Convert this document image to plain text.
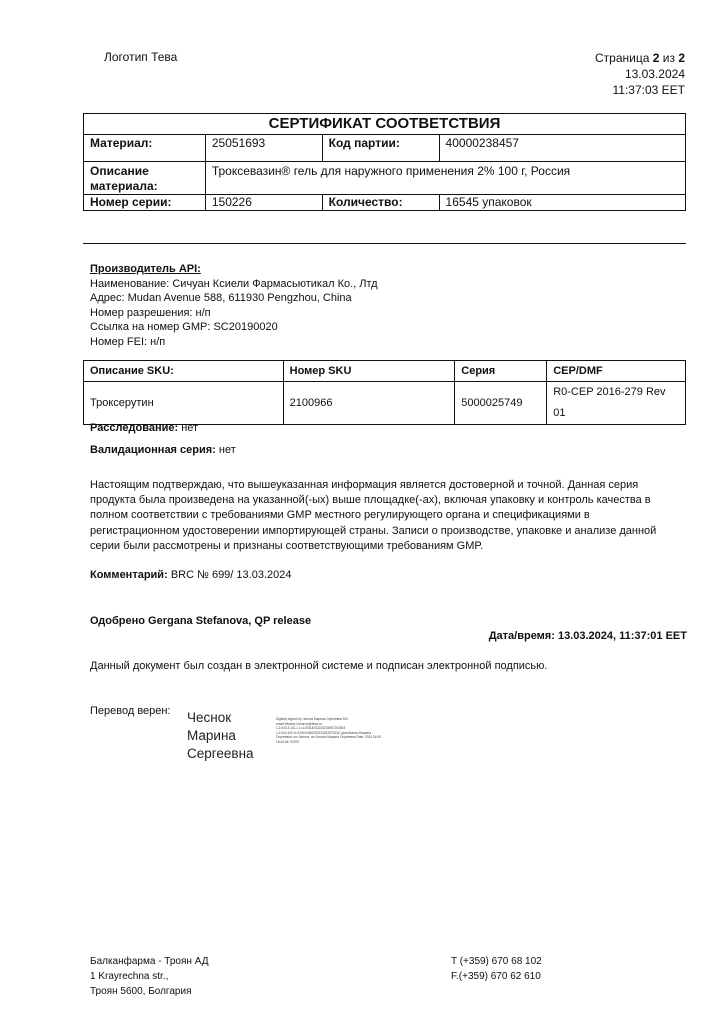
Логотип Тева	Страница 2 из 2
13.03.2024
11:37:03 EET
СЕРТИФИКАТ СООТВЕТСТВИЯ			
Материал:	25051693	Код партии:	40000238457

Описание
материала:	Троксевазин® гель для наружного применения 2% 100 г, Россия		
Номер серии:	150226	Количество:	16545 упаковок
Производитель API:
Наименование: Сичуан Ксиели Фармасьютикал Ко., Лтд
Адрес: Mudan Avenue 588, 611930 Pengzhou, China
Номер разрешения: н/п
Ссылка на номер GMP: SC20190020
Номер FEI: н/п
Описание SKU:	Номер SKU	Серия	CEP/DMF
Троксерутин	2100966	5000025749	R0-CEP 2016-279 Rev 01
Расследование: нет
Валидационная серия: нет
Настоящим подтверждаю, что вышеуказанная информация является достоверной и точной. Данная серия продукта была произведена на указанной(-ых) выше площадке(-ах), включая упаковку и контроль качества в полном соответствии с требованиями GMP местного регулирующего органа и спецификациями в регистрационном удостоверении импортирующей страны. Записи о производстве, упаковке и анализе данной серии были рассмотрены и признаны соответствующими требованиям GMP.
Комментарий: BRC № 699/ 13.03.2024
Одобрено Gergana Stefanova, QP release
Дата/время: 13.03.2024, 11:37:01 EET
Данный документ был создан в электронной системе и подписан электронной подписью.
Перевод верен: Чеснок
Марина
Сергеевна
Digitally signed by Чеснок Марина Сергеевна DN: email=Marina.Chesnok@teva.ru, 1.2.643.3.131.1.1=120014032233233557203503 1.2.643.100.3=120011665202233433373232, givenName=Марина Сергеевна, sn=Чеснок, cn=Чеснок Марина Сергеевна Date: 2024.04.05 16:40:46 +03'00'
Балканфарма - Троян АД
1 Krayrechna str.,
Троян 5600, Болгария
T (+359) 670 68 102
F.(+359) 670 62 610
